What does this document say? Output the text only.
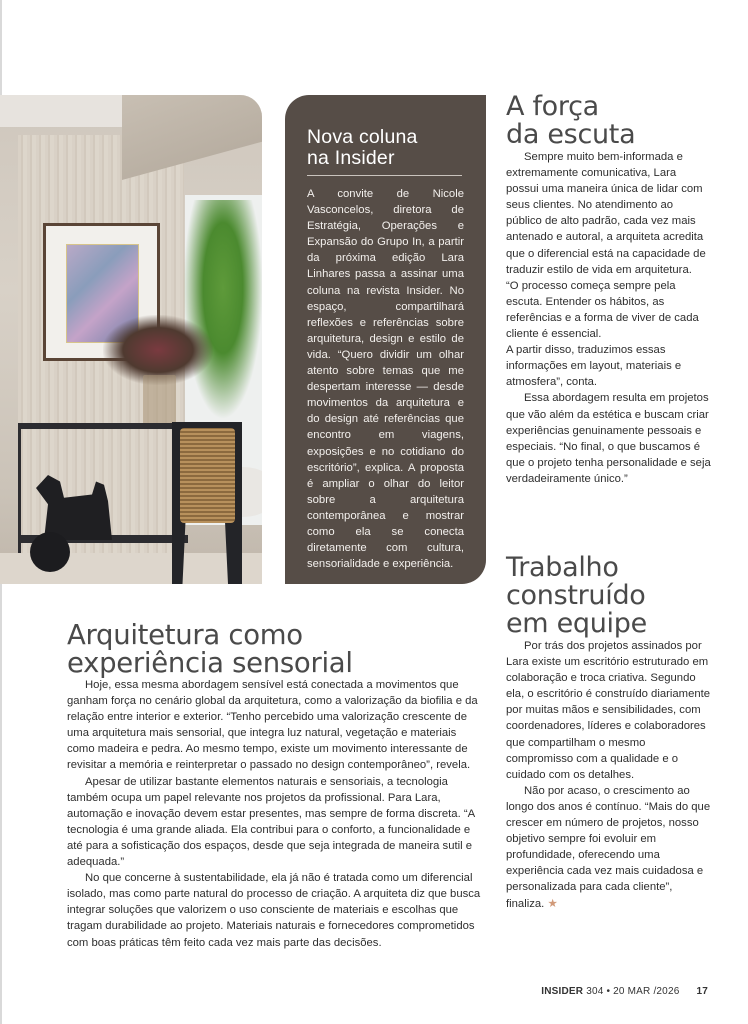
Nova coluna
na Insider

A convite de Nicole Vasconcelos, diretora de Estratégia, Operações e Expansão do Grupo In, a partir da próxima edição Lara Linhares passa a assinar uma coluna na revista Insider. No espaço, compartilhará reflexões e referências sobre arquitetura, design e estilo de vida. “Quero dividir um olhar atento sobre temas que me despertam interesse — desde movimentos da arquitetura e do design até referências que encontro em viagens, exposições e no cotidiano do escritório”, explica. A proposta é ampliar o olhar do leitor sobre a arquitetura contemporânea e mostrar como ela se conecta diretamente com cultura, sensorialidade e experiência.

A força
da escuta

Sempre muito bem-informada e extremamente comunicativa, Lara possui uma maneira única de lidar com seus clientes. No atendimento ao público de alto padrão, cada vez mais antenado e autoral, a arquiteta acredita que o diferencial está na capacidade de traduzir estilo de vida em arquitetura.

“O processo começa sempre pela escuta. Entender os hábitos, as referências e a forma de viver de cada cliente é essencial.

A partir disso, traduzimos essas informações em layout, materiais e atmosfera”, conta.

Essa abordagem resulta em projetos que vão além da estética e buscam criar experiências genuinamente pessoais e especiais. “No final, o que buscamos é que o projeto tenha personalidade e seja verdadeiramente único.”

Trabalho
construído
em equipe

Por trás dos projetos assinados por Lara existe um escritório estruturado em colaboração e troca criativa. Segundo ela, o escritório é construído diariamente por muitas mãos e sensibilidades, com coordenadores, líderes e colaboradores que compartilham o mesmo compromisso com a qualidade e o cuidado com os detalhes.

Não por acaso, o crescimento ao longo dos anos é contínuo. “Mais do que crescer em número de projetos, nosso objetivo sempre foi evoluir em profundidade, oferecendo uma experiência cada vez mais cuidadosa e personalizada para cada cliente”, finaliza. ★

Arquitetura como
experiência sensorial

Hoje, essa mesma abordagem sensível está conectada a movimentos que ganham força no cenário global da arquitetura, como a valorização da biofilia e da relação entre interior e exterior. “Tenho percebido uma valorização crescente de uma arquitetura mais sensorial, que integra luz natural, vegetação e materiais como madeira e pedra. Ao mesmo tempo, existe um movimento interessante de revisitar a memória e reinterpretar o passado no design contemporâneo”, revela.

Apesar de utilizar bastante elementos naturais e sensoriais, a tecnologia também ocupa um papel relevante nos projetos da profissional. Para Lara, automação e inovação devem estar presentes, mas sempre de forma discreta. “A tecnologia é uma grande aliada. Ela contribui para o conforto, a funcionalidade e até para a sofisticação dos espaços, desde que seja integrada de maneira sutil e adequada.”

No que concerne à sustentabilidade, ela já não é tratada como um diferencial isolado, mas como parte natural do processo de criação. A arquiteta diz que busca integrar soluções que valorizem o uso consciente de materiais e escolhas que tragam durabilidade ao projeto. Materiais naturais e fornecedores comprometidos com boas práticas têm feito cada vez mais parte das decisões.

INSIDER 304 • 20 MAR /2026 17
